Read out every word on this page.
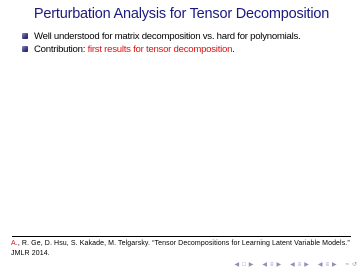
Perturbation Analysis for Tensor Decomposition
Well understood for matrix decomposition vs. hard for polynomials.
Contribution: first results for tensor decomposition.
A., R. Ge, D. Hsu, S. Kakade, M. Telgarsky. “Tensor Decompositions for Learning Latent Variable Models.” JMLR 2014.
◀ □ ▶ ◀ ≡ ▶ ◀ ≡ ▶ ◀ ≡ ▶ ≈ ↺
